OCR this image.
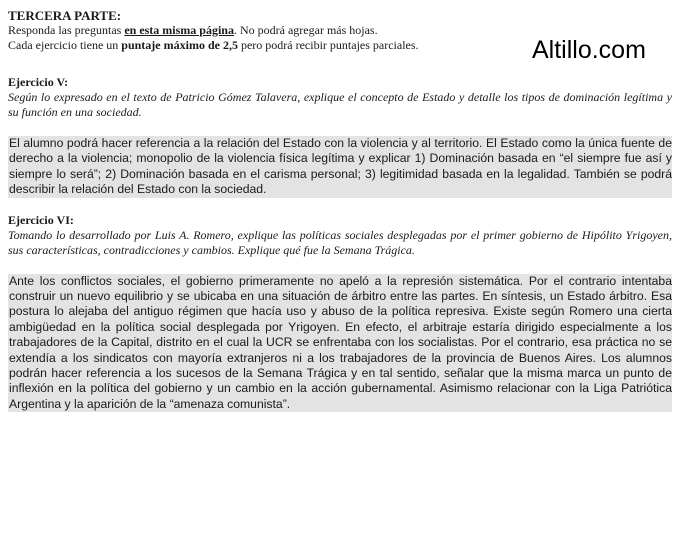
Altillo.com

TERCERA PARTE:

Responda las preguntas en esta misma página. No podrá agregar más hojas.

Cada ejercicio tiene un puntaje máximo de 2,5 pero podrá recibir puntajes parciales.

Ejercicio V:

Según lo expresado en el texto de Patricio Gómez Talavera, explique el concepto de Estado y detalle los tipos de dominación legítima y su función en una sociedad.

El alumno podrá hacer referencia a la relación del Estado con la violencia y al territorio. El Estado como la única fuente de derecho a la violencia; monopolio de la violencia física legítima y explicar 1) Dominación basada en “el siempre fue así y siempre lo será”; 2) Dominación basada en el carisma personal; 3) legitimidad basada en la legalidad. También se podrá describir la relación del Estado con la sociedad.

Ejercicio VI:

Tomando lo desarrollado por Luis A. Romero, explique las políticas sociales desplegadas por el primer gobierno de Hipólito Yrigoyen, sus características, contradicciones y cambios. Explique qué fue la Semana Trágica.

Ante los conflictos sociales, el gobierno primeramente no apeló a la represión sistemática. Por el contrario intentaba construir un nuevo equilibrio y se ubicaba en una situación de árbitro entre las partes. En síntesis, un Estado árbitro. Esa postura lo alejaba del antiguo régimen que hacía uso y abuso de la política represiva. Existe según Romero una cierta ambigüedad en la política social desplegada por Yrigoyen. En efecto, el arbitraje estaría dirigido especialmente a los trabajadores de la Capital, distrito en el cual la UCR se enfrentaba con los socialistas. Por el contrario, esa práctica no se extendía a los sindicatos con mayoría extranjeros ni a los trabajadores de la provincia de Buenos Aires. Los alumnos podrán hacer referencia a los sucesos de la Semana Trágica y en tal sentido, señalar que la misma marca un punto de inflexión en la política del gobierno y un cambio en la acción gubernamental. Asimismo relacionar con la Liga Patriótica Argentina y la aparición de la “amenaza comunista”.
